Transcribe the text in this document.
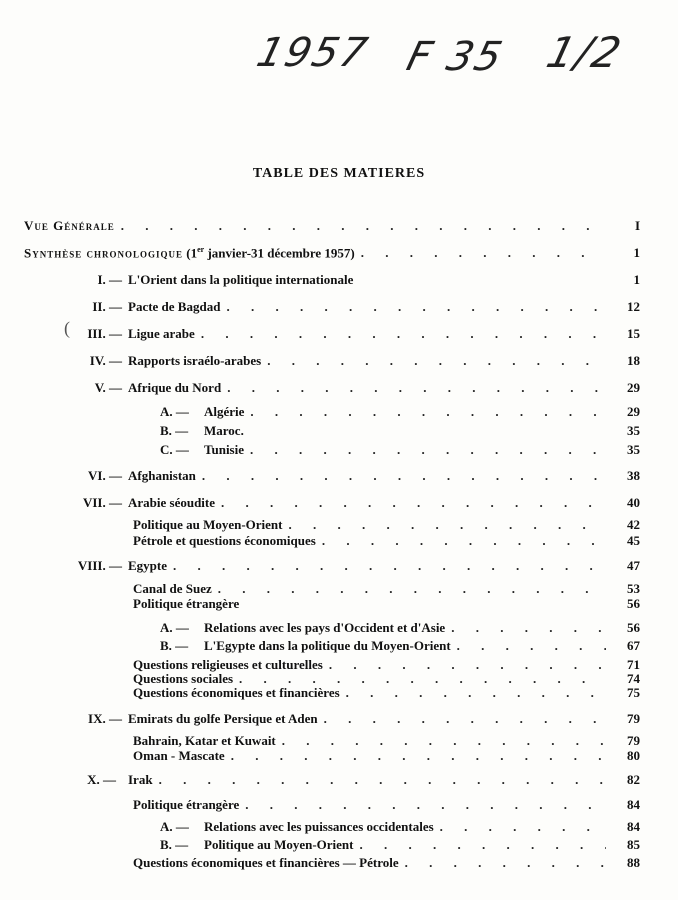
1957 F 35 1/2
TABLE DES MATIERES
(
Vue Générale . . .	I
Synthèse chronologique (1er janvier-31 décembre 1957) . . .	1
I. — L'Orient dans la politique internationale	1
II. — Pacte de Bagdad . . .	12
III. — Ligue arabe . . .	15
IV. — Rapports israélo-arabes . . .	18
V. — Afrique du Nord . . .	29
A. —	Algérie . . .	29
B. —	Maroc.	35
C. —	Tunisie . . .	35
VI. — Afghanistan . . .	38
VII. — Arabie séoudite . . .	40
Politique au Moyen-Orient . . .	42
Pétrole et questions économiques . . .	45
VIII. — Egypte . . .	47
Canal de Suez . . .	53
Politique étrangère	56
A. —	Relations avec les pays d'Occident et d'Asie . . .	56
B. —	L'Egypte dans la politique du Moyen-Orient . . .	67
Questions religieuses et culturelles . . .	71
Questions sociales . . .	74
Questions économiques et financières . . .	75
IX. — Emirats du golfe Persique et Aden . . .	79
Bahrain, Katar et Kuwait . . .	79
Oman - Mascate . . .	80
X. — Irak . . .	82
Politique étrangère . . .	84
A. —	Relations avec les puissances occidentales . . .	84
B. —	Politique au Moyen-Orient . . .	85
Questions économiques et financières — Pétrole . . .	88
